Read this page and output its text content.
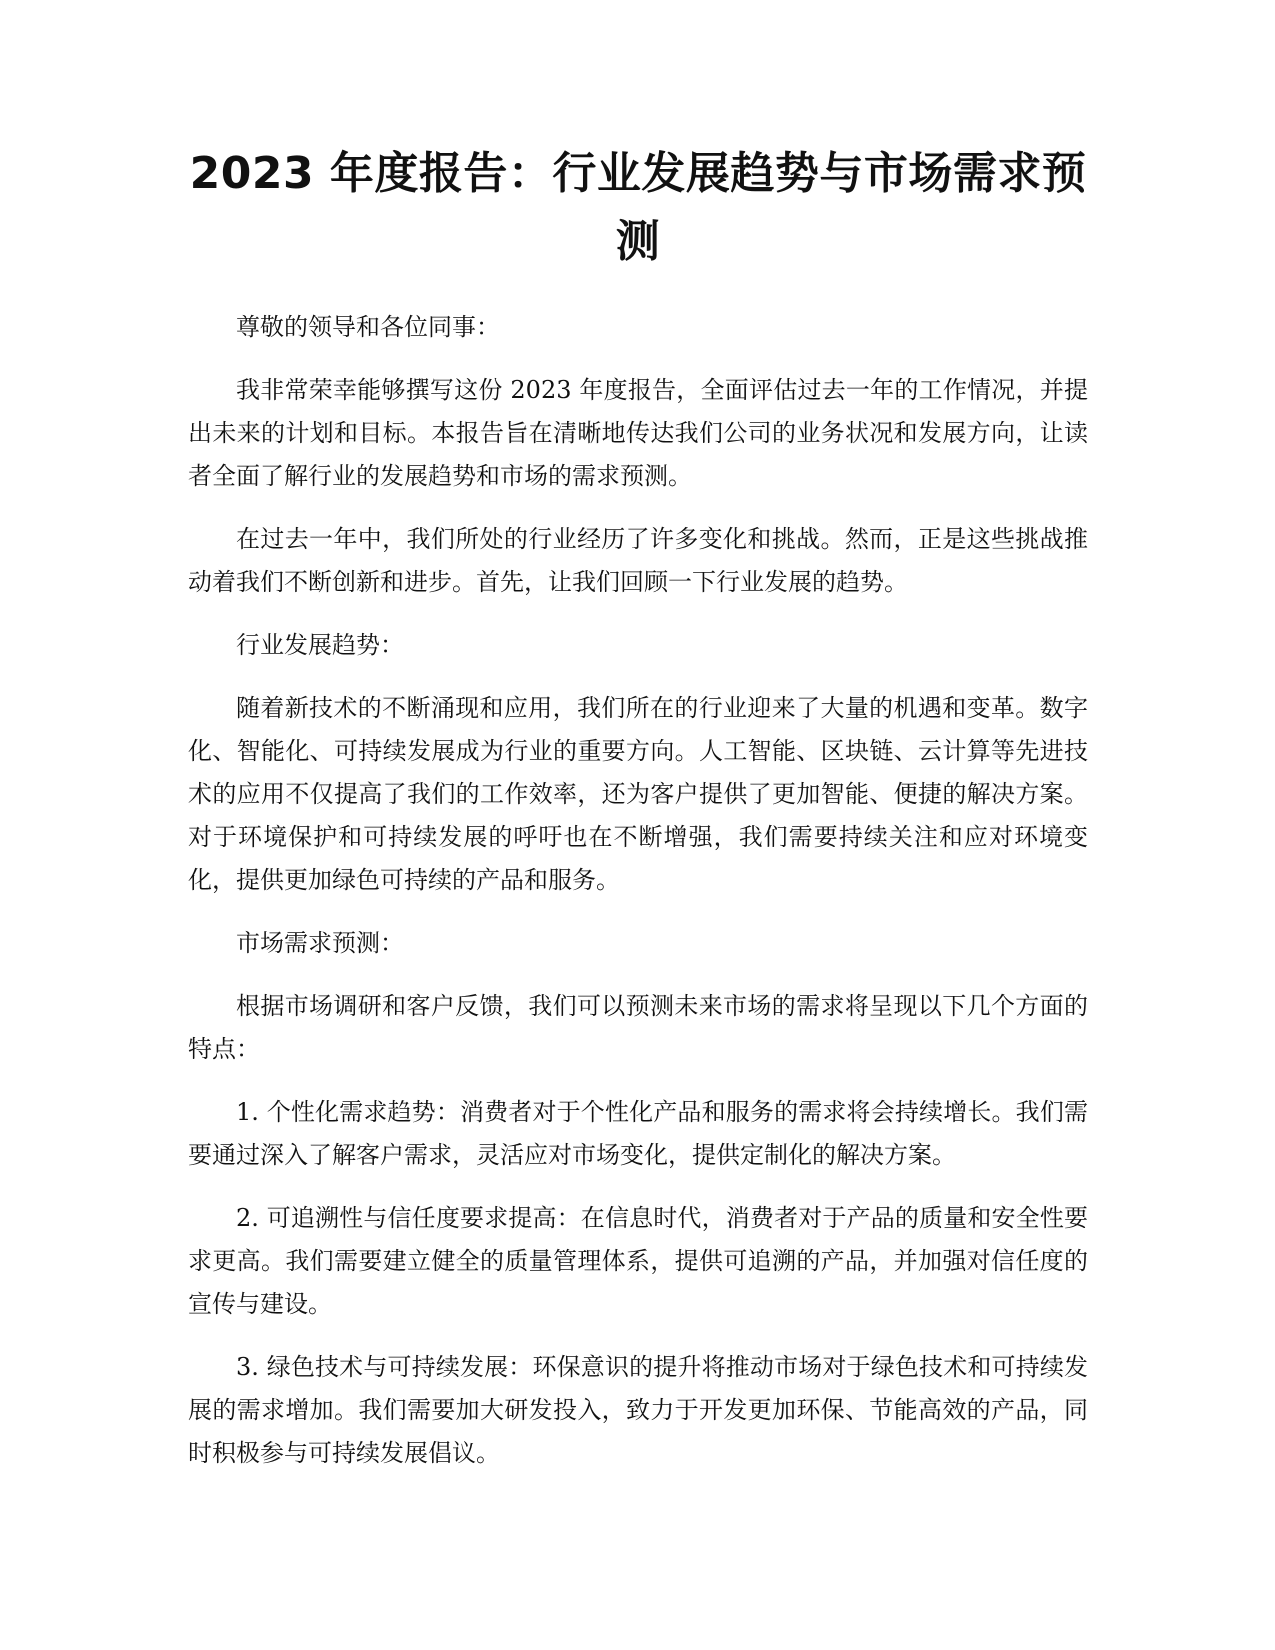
2023 年度报告：行业发展趋势与市场需求预测

尊敬的领导和各位同事：

我非常荣幸能够撰写这份 2023 年度报告，全面评估过去一年的工作情况，并提出未来的计划和目标。本报告旨在清晰地传达我们公司的业务状况和发展方向，让读者全面了解行业的发展趋势和市场的需求预测。

在过去一年中，我们所处的行业经历了许多变化和挑战。然而，正是这些挑战推动着我们不断创新和进步。首先，让我们回顾一下行业发展的趋势。

行业发展趋势：

随着新技术的不断涌现和应用，我们所在的行业迎来了大量的机遇和变革。数字化、智能化、可持续发展成为行业的重要方向。人工智能、区块链、云计算等先进技术的应用不仅提高了我们的工作效率，还为客户提供了更加智能、便捷的解决方案。对于环境保护和可持续发展的呼吁也在不断增强，我们需要持续关注和应对环境变化，提供更加绿色可持续的产品和服务。

市场需求预测：

根据市场调研和客户反馈，我们可以预测未来市场的需求将呈现以下几个方面的特点：

1. 个性化需求趋势：消费者对于个性化产品和服务的需求将会持续增长。我们需要通过深入了解客户需求，灵活应对市场变化，提供定制化的解决方案。

2. 可追溯性与信任度要求提高：在信息时代，消费者对于产品的质量和安全性要求更高。我们需要建立健全的质量管理体系，提供可追溯的产品，并加强对信任度的宣传与建设。

3. 绿色技术与可持续发展：环保意识的提升将推动市场对于绿色技术和可持续发展的需求增加。我们需要加大研发投入，致力于开发更加环保、节能高效的产品，同时积极参与可持续发展倡议。
